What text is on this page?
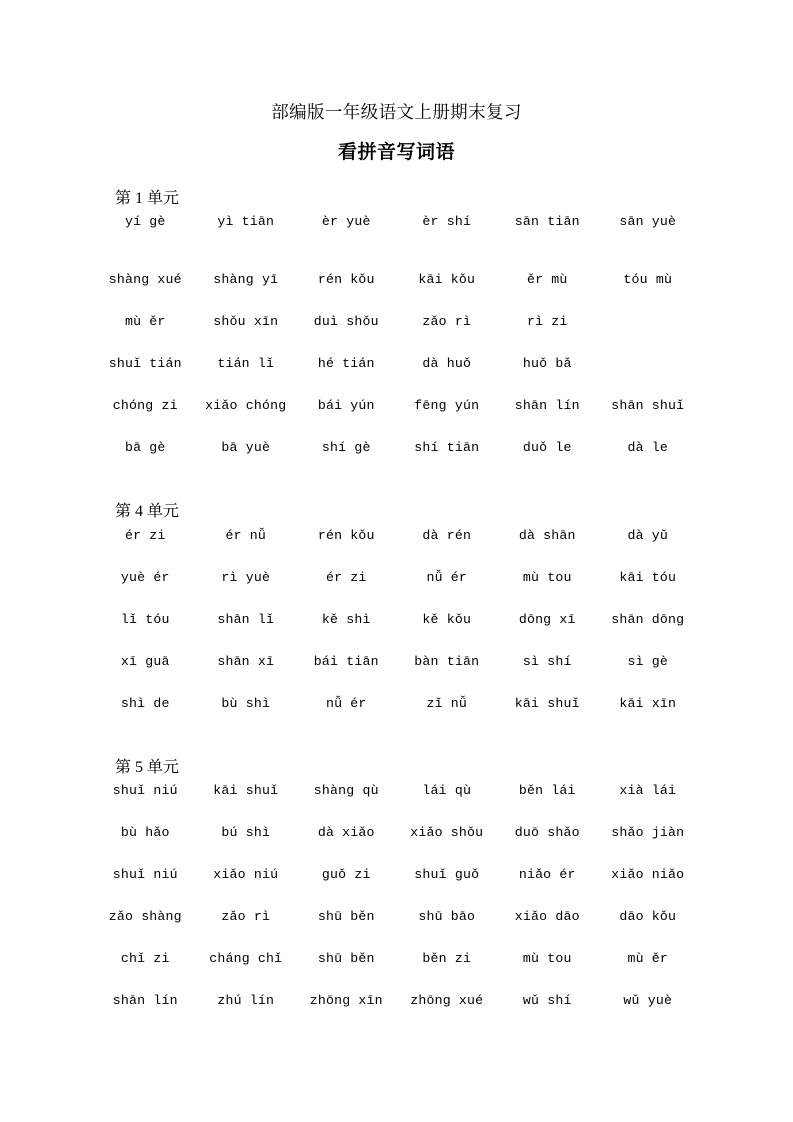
部编版一年级语文上册期末复习
看拼音写词语
第 1 单元
yí gè	yì tiān	èr yuè	èr shí	sān tiān	sān yuè
shàng xué	shàng yī	rén kǒu	kāi kǒu	ěr mù	tóu mù
mù ěr	shǒu xīn	duì shǒu	zǎo rì	rì zi
shuǐ tián	tián lǐ	hé tián	dà huǒ	huǒ bǎ
chóng zi	xiǎo chóng	bái yún	fēng yún	shān lín	shān shuǐ
bā gè	bā yuè	shí gè	shí tiān	duǒ le	dà le
第 4 单元
ér zi	ér nǚ	rén kǒu	dà rén	dà shān	dà yǔ
yuè ér	rì yuè	ér zi	nǚ ér	mù tou	kāi tóu
lǐ tóu	shān lǐ	kě shì	kě kǒu	dōng xī	shān dōng
xī guā	shān xī	bái tiān	bàn tiān	sì shí	sì gè
shì de	bù shì	nǚ ér	zǐ nǚ	kāi shuǐ	kāi xīn
第 5 单元
shuǐ niú	kāi shuǐ	shàng qù	lái qù	běn lái	xià lái
bù hǎo	bú shì	dà xiǎo	xiǎo shǒu	duō shǎo	shǎo jiàn
shuǐ niú	xiǎo niú	guǒ zi	shuǐ guǒ	niǎo ér	xiǎo niǎo
zǎo shàng	zǎo rì	shū běn	shū bāo	xiǎo dāo	dāo kǒu
chǐ zi	cháng chǐ	shū běn	běn zi	mù tou	mù ěr
shān lín	zhú lín	zhōng xīn	zhōng xué	wǔ shí	wǔ yuè
